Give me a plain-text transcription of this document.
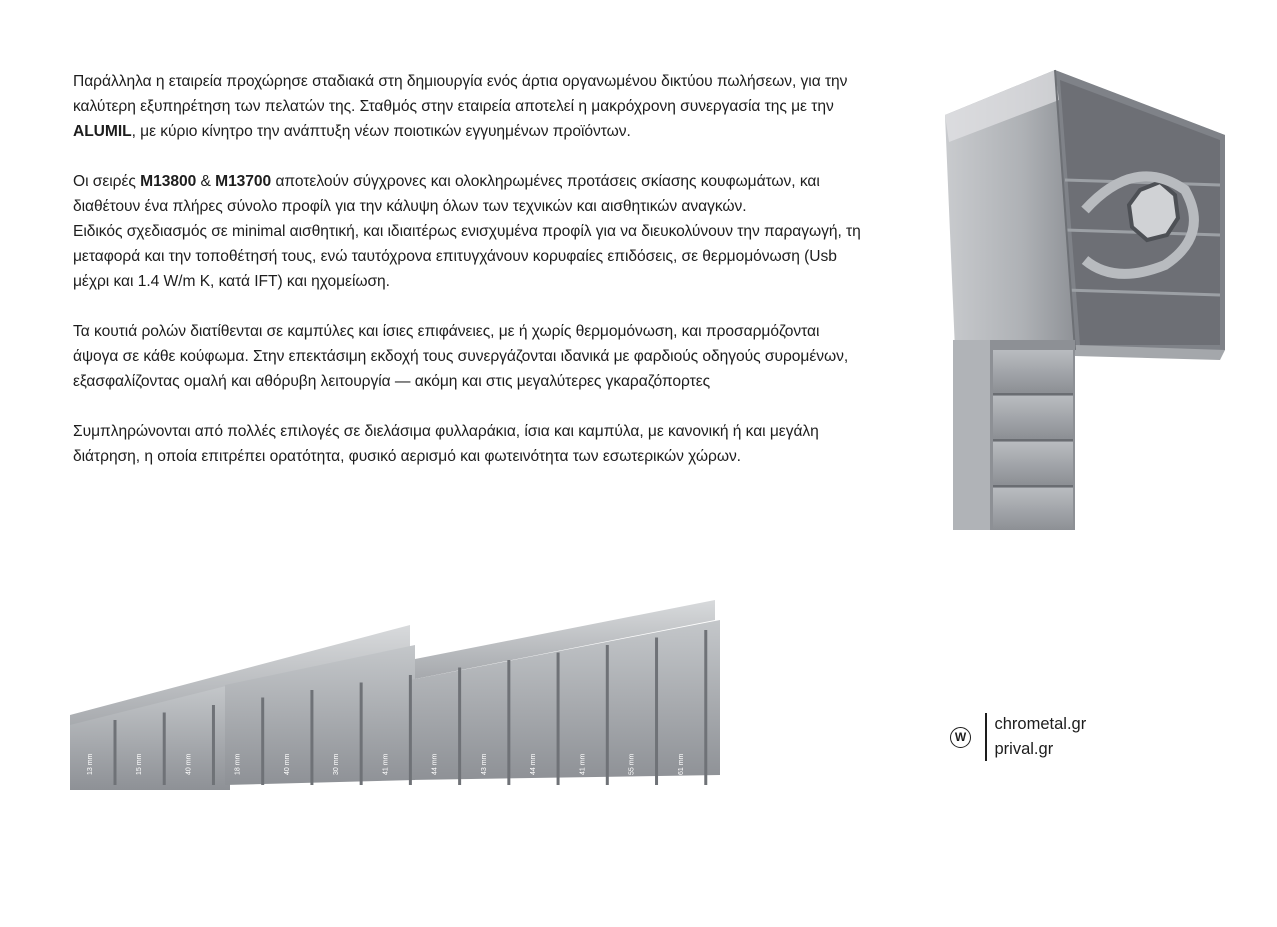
Παράλληλα η εταιρεία προχώρησε σταδιακά στη δημιουργία ενός άρτια οργανωμένου δικτύου πωλήσεων, για την καλύτερη εξυπηρέτηση των πελατών της. Σταθμός στην εταιρεία αποτελεί η μακρόχρονη συνεργασία της με την ALUMIL, με κύριο κίνητρο την ανάπτυξη νέων ποιοτικών εγγυημένων προϊόντων.

Οι σειρές M13800 & M13700 αποτελούν σύγχρονες και ολοκληρωμένες προτάσεις σκίασης κουφωμάτων, και διαθέτουν ένα πλήρες σύνολο προφίλ για την κάλυψη όλων των τεχνικών και αισθητικών αναγκών.

Ειδικός σχεδιασμός σε minimal αισθητική, και ιδιαιτέρως ενισχυμένα προφίλ για να διευκολύνουν την παραγωγή, τη μεταφορά και την τοποθέτησή τους, ενώ ταυτόχρονα επιτυγχάνουν κορυφαίες επιδόσεις, σε θερμομόνωση (Usb μέχρι και 1.4 W/m K, κατά IFT) και ηχομείωση.

Τα κουτιά ρολών διατίθενται σε καμπύλες και ίσιες επιφάνειες, με ή χωρίς θερμομόνωση, και προσαρμόζονται άψογα σε κάθε κούφωμα. Στην επεκτάσιμη εκδοχή τους συνεργάζονται ιδανικά με φαρδιούς οδηγούς συρομένων, εξασφαλίζοντας ομαλή και αθόρυβη λειτουργία — ακόμη και στις μεγαλύτερες γκαραζόπορτες

Συμπληρώνονται από πολλές επιλογές σε διελάσιμα φυλλαράκια, ίσια και καμπύλα, με κανονική ή και μεγάλη διάτρηση, η οποία επιτρέπει ορατότητα, φυσικό αερισμό και φωτεινότητα των εσωτερικών χώρων.

13 mm	15 mm	40 mm	18 mm	40 mm	30 mm	41 mm	44 mm	43 mm	44 mm	41 mm	55 mm	61 mm
W
chrometal.gr
prival.gr
